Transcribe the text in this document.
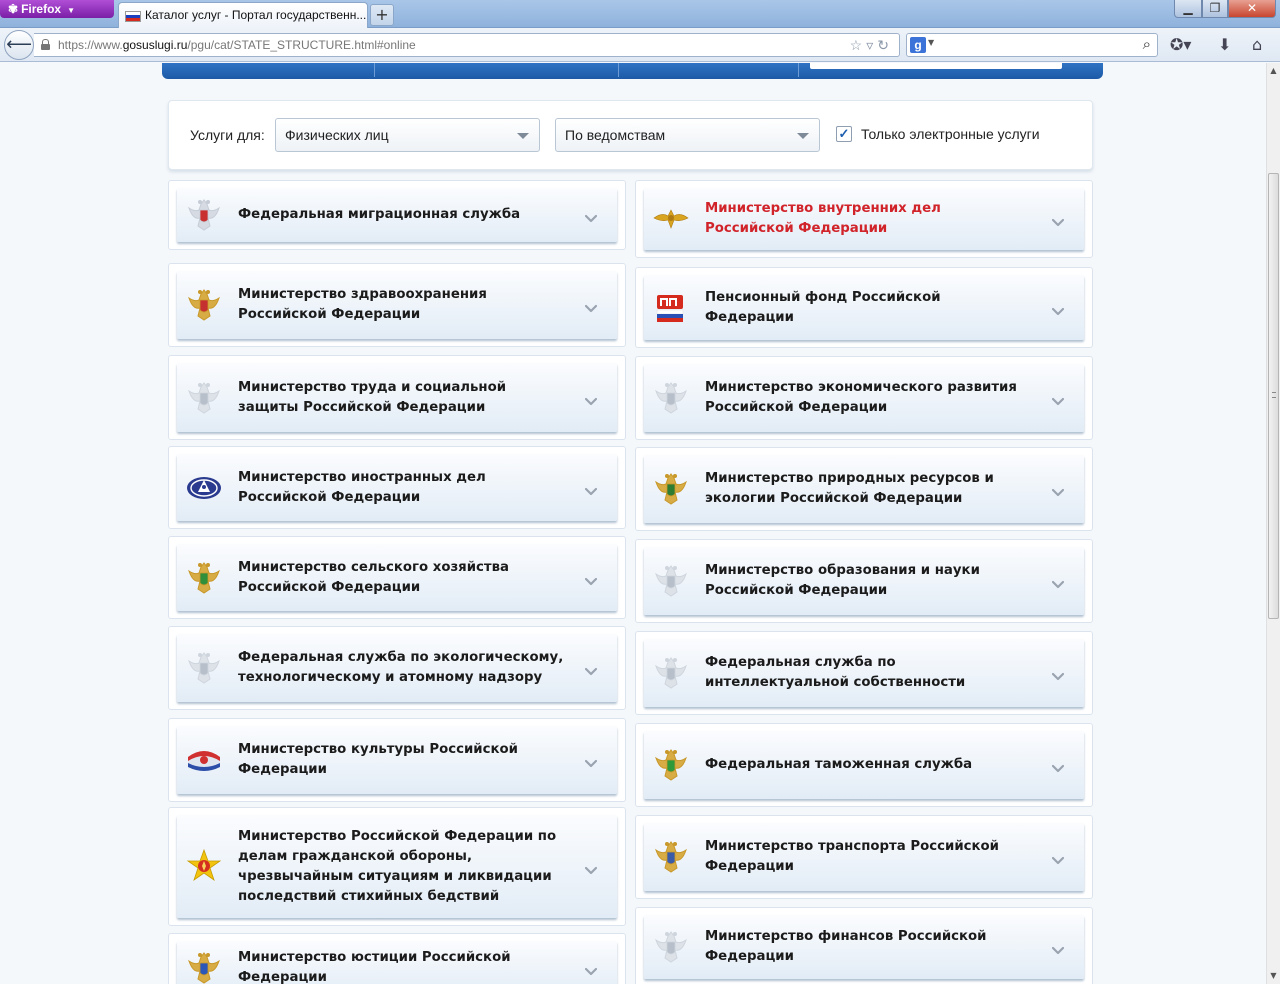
✾ Firefox ▼	Каталог услуг - Портал государственн... +	▁	❐	✕
https://www.gosuslugi.ru/pgu/cat/STATE_STRUCTURE.html#online	☆▿↻
⟵	g ▼	⌕ ✪▾ ⬇ ⌂
Услуги для:	Физических лиц	По ведомствам	✓ Только электронные услуги
Федеральная миграционная служба	Министерство внутренних дел Российской Федерации
Министерство здравоохранения Российской Федерации
Пенсионный фонд Российской Федерации
Министерство труда и социальной защиты Российской Федерации
Министерство экономического развития Российской Федерации
Министерство иностранных дел Российской Федерации
Министерство природных ресурсов и экологии Российской Федерации
Министерство сельского хозяйства Российской Федерации
Министерство образования и науки Российской Федерации
Федеральная служба по экологическому, технологическому и атомному надзору
Федеральная служба по интеллектуальной собственности
Министерство культуры Российской Федерации	Федеральная таможенная служба
Министерство Российской Федерации по делам гражданской обороны, чрезвычайным ситуациям и ликвидации последствий стихийных бедствий
Министерство транспорта Российской Федерации
Министерство юстиции Российской Федерации
Министерство финансов Российской Федерации
▲
▼
